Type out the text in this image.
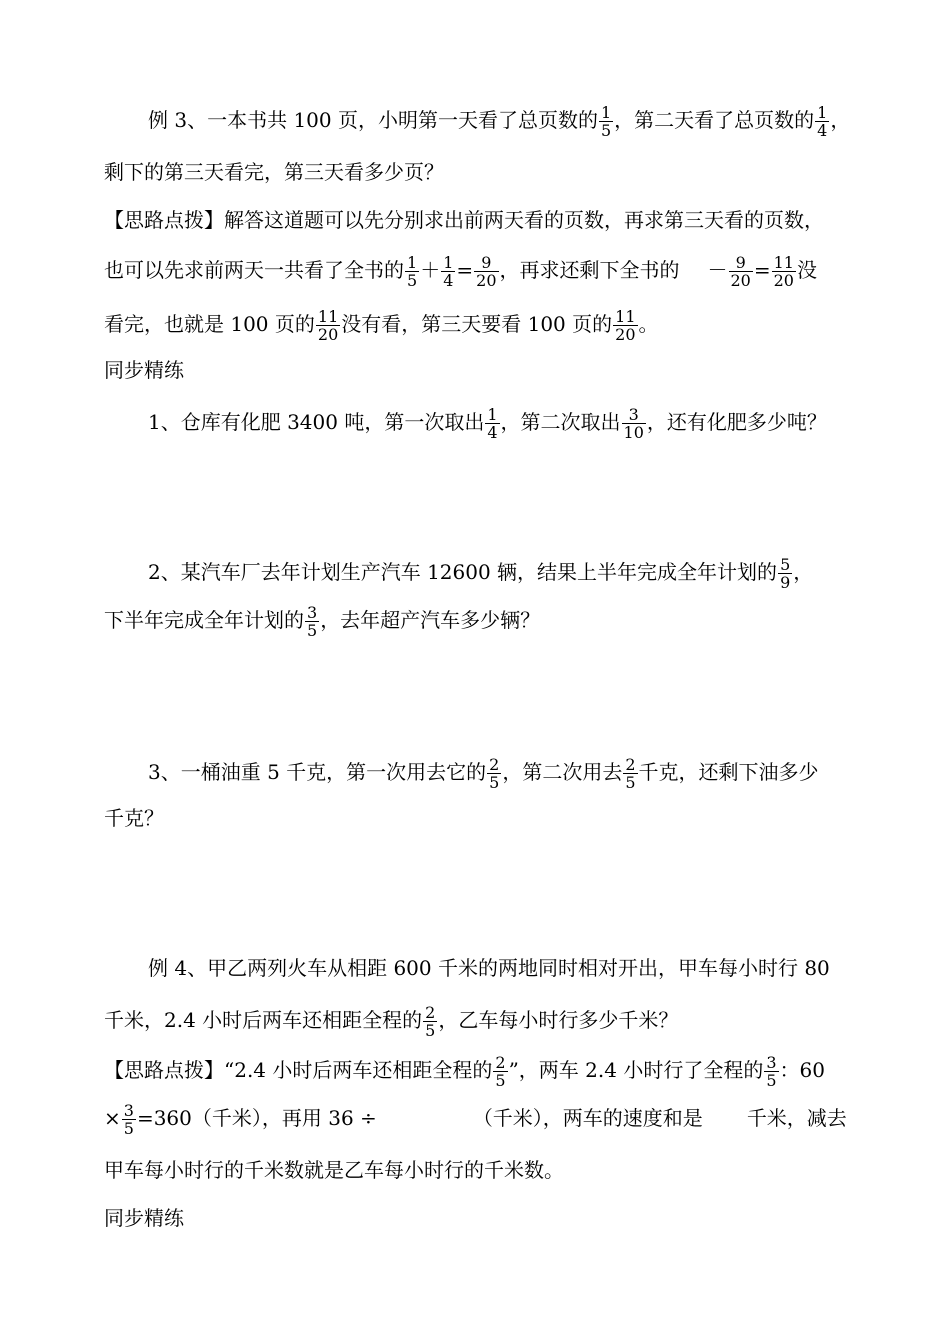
例 3、一本书共 100 页，小明第一天看了总页数的 $\frac{1}{5}$ ，第二天看了总页数的 $\frac{1}{4}$ ，
剩下的第三天看完，第三天看多少页？
【思路点拨】解答这道题可以先分别求出前两天看的页数，再求第三天看的页数，
也可以先求前两天一共看了全书的 $\frac{1}{5} + \frac{1}{4} = \frac{9}{20}$ ，再求还剩下全书的 － $\frac{9}{20} = \frac{11}{20}$ 没
看完，也就是 100 页的 $\frac{11}{20}$ 没有看，第三天要看 100 页的 $\frac{11}{20}$ 。
同步精练
1、仓库有化肥 3400 吨，第一次取出 $\frac{1}{4}$ ，第二次取出 $\frac{3}{10}$ ，还有化肥多少吨？
2、某汽车厂去年计划生产汽车 12600 辆，结果上半年完成全年计划的 $\frac{5}{9}$ ，
下半年完成全年计划的 $\frac{3}{5}$ ，去年超产汽车多少辆？
3、一桶油重 5 千克，第一次用去它的 $\frac{2}{5}$ ，第二次用去 $\frac{2}{5}$ 千克，还剩下油多少
千克？
例 4、甲乙两列火车从相距 600 千米的两地同时相对开出，甲车每小时行 80
千米，2.4 小时后两车还相距全程的 $\frac{2}{5}$ ，乙车每小时行多少千米？
【思路点拨】“2.4 小时后两车还相距全程的 $\frac{2}{5}$ ”，两车 2.4 小时行了全程的 $\frac{3}{5}$ ：60
× $\frac{3}{5} =360$（千米），再用 36 ÷	（千米），两车的速度和是 千米，减去
甲车每小时行的千米数就是乙车每小时行的千米数。
同步精练
